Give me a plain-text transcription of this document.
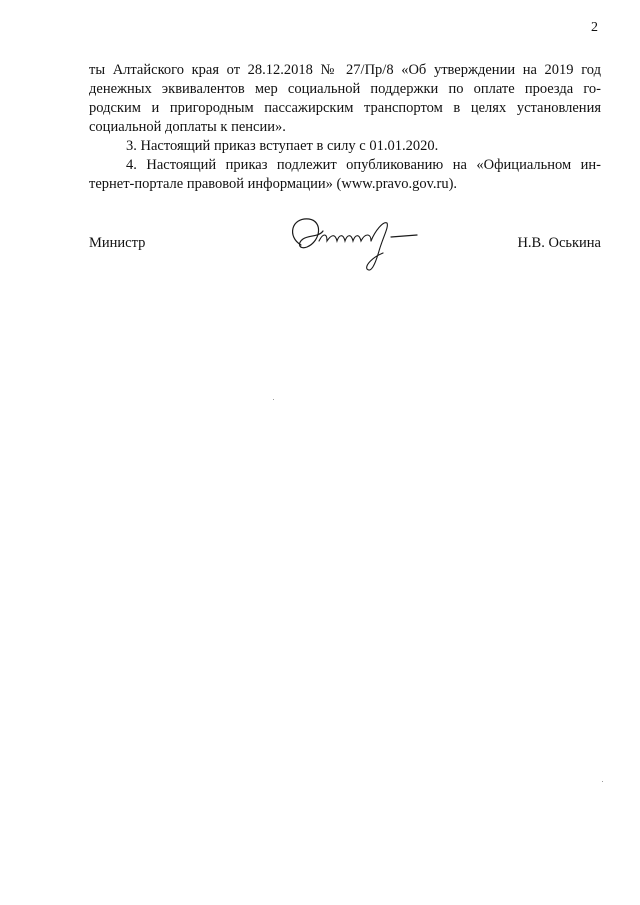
2
ты Алтайского края от 28.12.2018 № 27/Пр/8 «Об утверждении на 2019 год
денежных эквивалентов мер социальной поддержки по оплате проезда го-
родским и пригородным пассажирским транспортом в целях установления
социальной доплаты к пенсии».
3. Настоящий приказ вступает в силу с 01.01.2020.
4. Настоящий приказ подлежит опубликованию на «Официальном ин-
тернет-портале правовой информации» (www.pravo.gov.ru).
Министр	Н.В. Оськина
